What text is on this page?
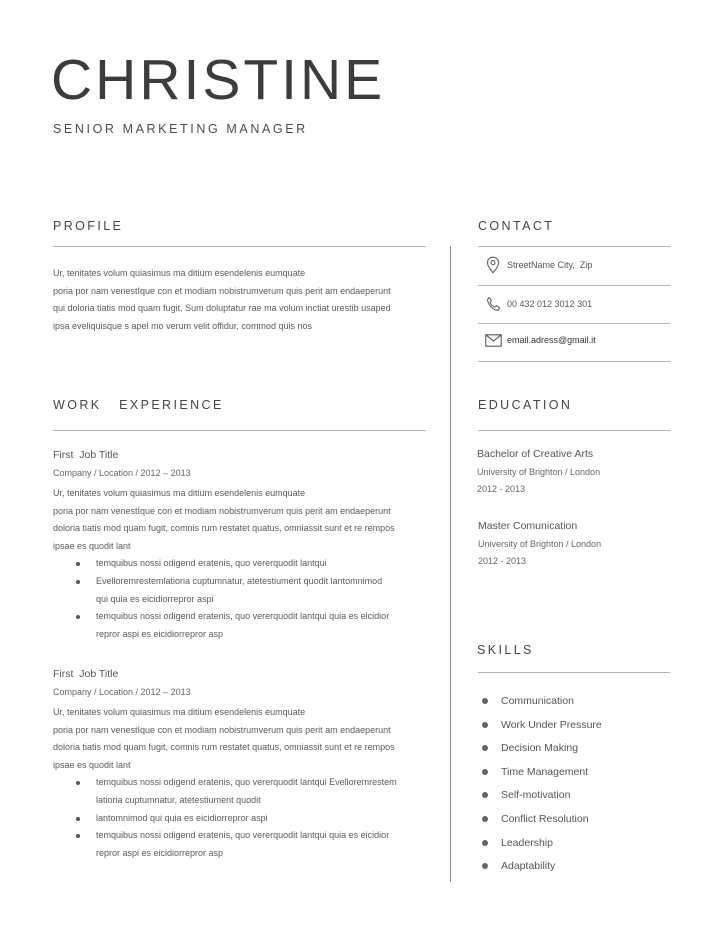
CHRISTINE
SENIOR MARKETING MANAGER
PROFILE
Ur, tenitates volum quiasimus ma ditium esendelenis eumquate
poria por nam venestIque con et modiam nobistrumverum quis perit am endaeperunt
qui doloria tiatis mod quam fugit, Sum doluptatur rae ma volum inctiat urestib usaped
ipsa eveliquisque s apel mo verum velit offidur, commod quis nos
WORK   EXPERIENCE
First  Job Title
Company / Location / 2012 – 2013
Ur, tenitates volum quiasimus ma ditium esendelenis eumquate
poria por nam venestIque con et modiam nobistrumverum quis perit am endaeperunt
doloria tiatis mod quam fugit, comnis rum restatet quatus, omniassit sunt et re rempos
ipsae es quodit lant
temquibus nossi odigend eratenis, quo vererquodit lantqui
Evelloremrestemlatioria cuptumnatur, atetestiument quodit lantomnimod
qui quia es eicidiorrepror aspi
temquibus nossi odigend eratenis, quo vererquodit lantqui quia es eicidior
repror aspi es eicidiorrepror asp
First  Job Title
Company / Location / 2012 – 2013
Ur, tenitates volum quiasimus ma ditium esendelenis eumquate
poria por nam venestIque con et modiam nobistrumverum quis perit am endaeperunt
doloria tiatis mod quam fugit, comnis rum restatet quatus, omniassit sunt et re rempos
ipsae es quodit lant
temquibus nossi odigend eratenis, quo vererquodit lantqui Evelloremrestem
latioria cuptumnatur, atetestiument quodit
lantomnimod qui quia es eicidiorrepror aspi
temquibus nossi odigend eratenis, quo vererquodit lantqui quia es eicidior
repror aspi es eicidiorrepror asp
CONTACT
StreetName City,  Zip
00 432 012 3012 301
email.adress@gmail.it
EDUCATION
Bachelor of Creative Arts
University of Brighton / London
2012 - 2013
Master Comunication
University of Brighton / London
2012 - 2013
SKILLS
Communication
Work Under Pressure
Decision Making
Time Management
Self-motivation
Conflict Resolution
Leadership
Adaptability
